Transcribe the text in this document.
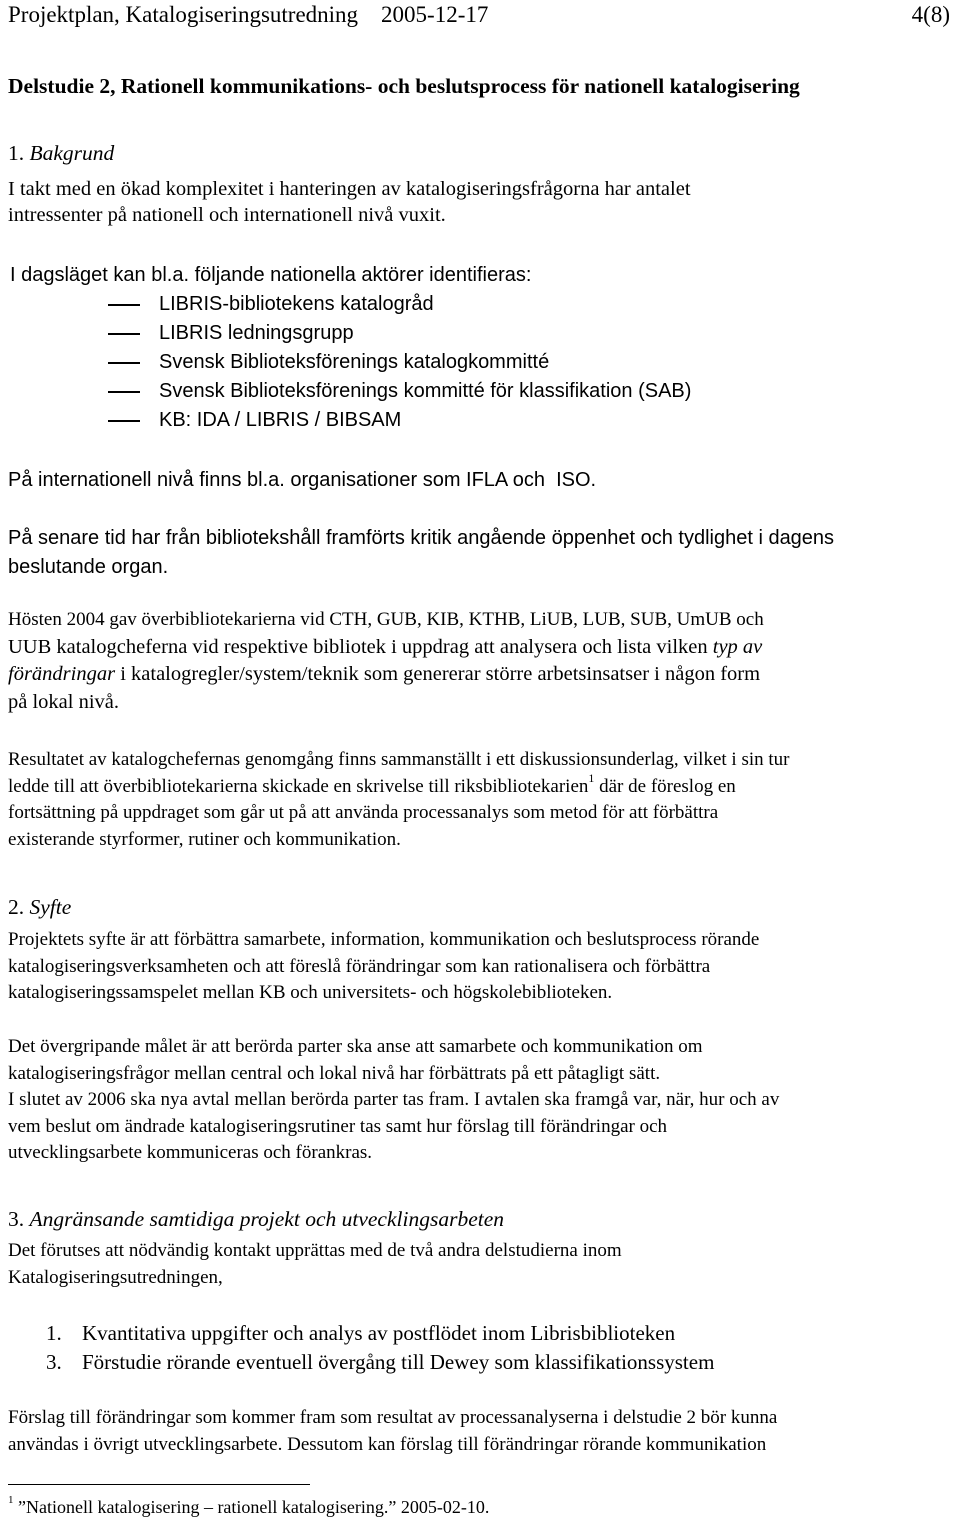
Projektplan, Katalogiseringsutredning    2005-12-17	4(8)
Delstudie 2, Rationell kommunikations- och beslutsprocess för nationell katalogisering
1. Bakgrund
I takt med en ökad komplexitet i hanteringen av katalogiseringsfrågorna har antalet
intressenter på nationell och internationell nivå vuxit.
I dagsläget kan bl.a. följande nationella aktörer identifieras:
LIBRIS-bibliotekens katalogråd
LIBRIS ledningsgrupp
Svensk Biblioteksförenings katalogkommitté
Svensk Biblioteksförenings kommitté för klassifikation (SAB)
KB: IDA / LIBRIS / BIBSAM
På internationell nivå finns bl.a. organisationer som IFLA och  ISO.
På senare tid har från bibliotekshåll framförts kritik angående öppenhet och tydlighet i dagens
beslutande organ.
Hösten 2004 gav överbibliotekarierna vid CTH, GUB, KIB, KTHB, LiUB, LUB, SUB, UmUB och
UUB katalogcheferna vid respektive bibliotek i uppdrag att analysera och lista vilken typ av
förändringar i katalogregler/system/teknik som genererar större arbetsinsatser i någon form
på lokal nivå.
Resultatet av katalogchefernas genomgång finns sammanställt i ett diskussionsunderlag, vilket i sin tur
ledde till att överbibliotekarierna skickade en skrivelse till riksbibliotekarien$^1$ där de föreslog en
fortsättning på uppdraget som går ut på att använda processanalys som metod för att förbättra
existerande styrformer, rutiner och kommunikation.
2. Syfte
Projektets syfte är att förbättra samarbete, information, kommunikation och beslutsprocess rörande
katalogiseringsverksamheten och att föreslå förändringar som kan rationalisera och förbättra
katalogiseringssamspelet mellan KB och universitets- och högskolebiblioteken.
Det övergripande målet är att berörda parter ska anse att samarbete och kommunikation om
katalogiseringsfrågor mellan central och lokal nivå har förbättrats på ett påtagligt sätt.
I slutet av 2006 ska nya avtal mellan berörda parter tas fram. I avtalen ska framgå var, när, hur och av
vem beslut om ändrade katalogiseringsrutiner tas samt hur förslag till förändringar och
utvecklingsarbete kommuniceras och förankras.
3. Angränsande samtidiga projekt och utvecklingsarbeten
Det förutses att nödvändig kontakt upprättas med de två andra delstudierna inom
Katalogiseringsutredningen,
1. Kvantitativa uppgifter och analys av postflödet inom Librisbiblioteken
3. Förstudie rörande eventuell övergång till Dewey som klassifikationssystem
Förslag till förändringar som kommer fram som resultat av processanalyserna i delstudie 2 bör kunna
användas i övrigt utvecklingsarbete. Dessutom kan förslag till förändringar rörande kommunikation
$^1$ ”Nationell katalogisering – rationell katalogisering.” 2005-02-10.
